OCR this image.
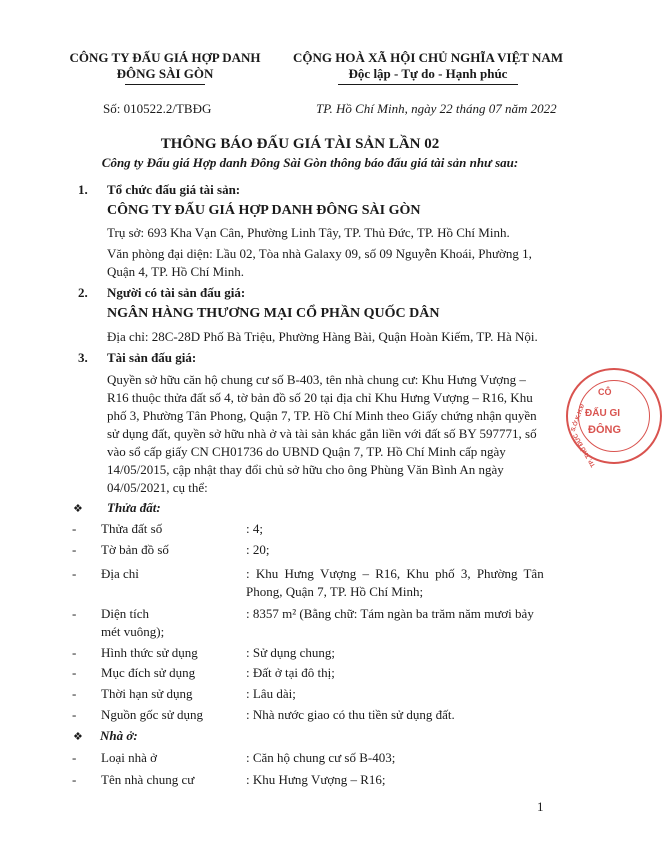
CÔNG TY ĐẤU GIÁ HỢP DANH
ĐÔNG SÀI GÒN
CỘNG HOÀ XÃ HỘI CHỦ NGHĨA VIỆT NAM
Độc lập - Tự do - Hạnh phúc
Số: 010522.2/TBĐG	TP. Hồ Chí Minh, ngày 22 tháng 07 năm 2022
THÔNG BÁO ĐẤU GIÁ TÀI SẢN LẦN 02
Công ty Đấu giá Hợp danh Đông Sài Gòn thông báo đấu giá tài sản như sau:
1. Tổ chức đấu giá tài sản:
CÔNG TY ĐẤU GIÁ HỢP DANH ĐÔNG SÀI GÒN
Trụ sở: 693 Kha Vạn Cân, Phường Linh Tây, TP. Thủ Đức, TP. Hồ Chí Minh.
Văn phòng đại diện: Lầu 02, Tòa nhà Galaxy 09, số 09 Nguyễn Khoái, Phường 1,
Quận 4, TP. Hồ Chí Minh.
2. Người có tài sản đấu giá:
NGÂN HÀNG THƯƠNG MẠI CỔ PHẦN QUỐC DÂN
Địa chỉ: 28C-28D Phố Bà Triệu, Phường Hàng Bài, Quận Hoàn Kiếm, TP. Hà Nội.
3. Tài sản đấu giá:
Quyền sở hữu căn hộ chung cư số B-403, tên nhà chung cư: Khu Hưng Vượng –
R16 thuộc thửa đất số 4, tờ bản đồ số 20 tại địa chỉ Khu Hưng Vượng – R16, Khu
phố 3, Phường Tân Phong, Quận 7, TP. Hồ Chí Minh theo Giấy chứng nhận quyền
sử dụng đất, quyền sở hữu nhà ở và tài sản khác gắn liền với đất số BY 597771, số
vào sổ cấp giấy CN CH01736 do UBND Quận 7, TP. Hồ Chí Minh cấp ngày
14/05/2015, cập nhật thay đổi chủ sở hữu cho ông Phùng Văn Bình An ngày
04/05/2021, cụ thể:
❖ Thửa đất:
- Thửa đất số	: 4;
- Tờ bản đồ số	: 20;
- Địa chỉ	: Khu Hưng Vượng – R16, Khu phố 3, Phường Tân
Phong, Quận 7, TP. Hồ Chí Minh;
- Diện tích	: 8357 m² (Bằng chữ: Tám ngàn ba trăm năm mươi bảy
mét vuông);
- Hình thức sử dụng	: Sử dụng chung;
- Mục đích sử dụng	: Đất ở tại đô thị;
- Thời hạn sử dụng	: Lâu dài;
- Nguồn gốc sử dụng	: Nhà nước giao có thu tiền sử dụng đất.
❖ Nhà ở:
- Loại nhà ở	: Căn hộ chung cư số B-403;
- Tên nhà chung cư	: Khu Hưng Vượng – R16;
CÔ
ĐẤU GI
ĐÔNG
S.Ở.K.H.Đ
TP. THỦ ĐỨC
1
